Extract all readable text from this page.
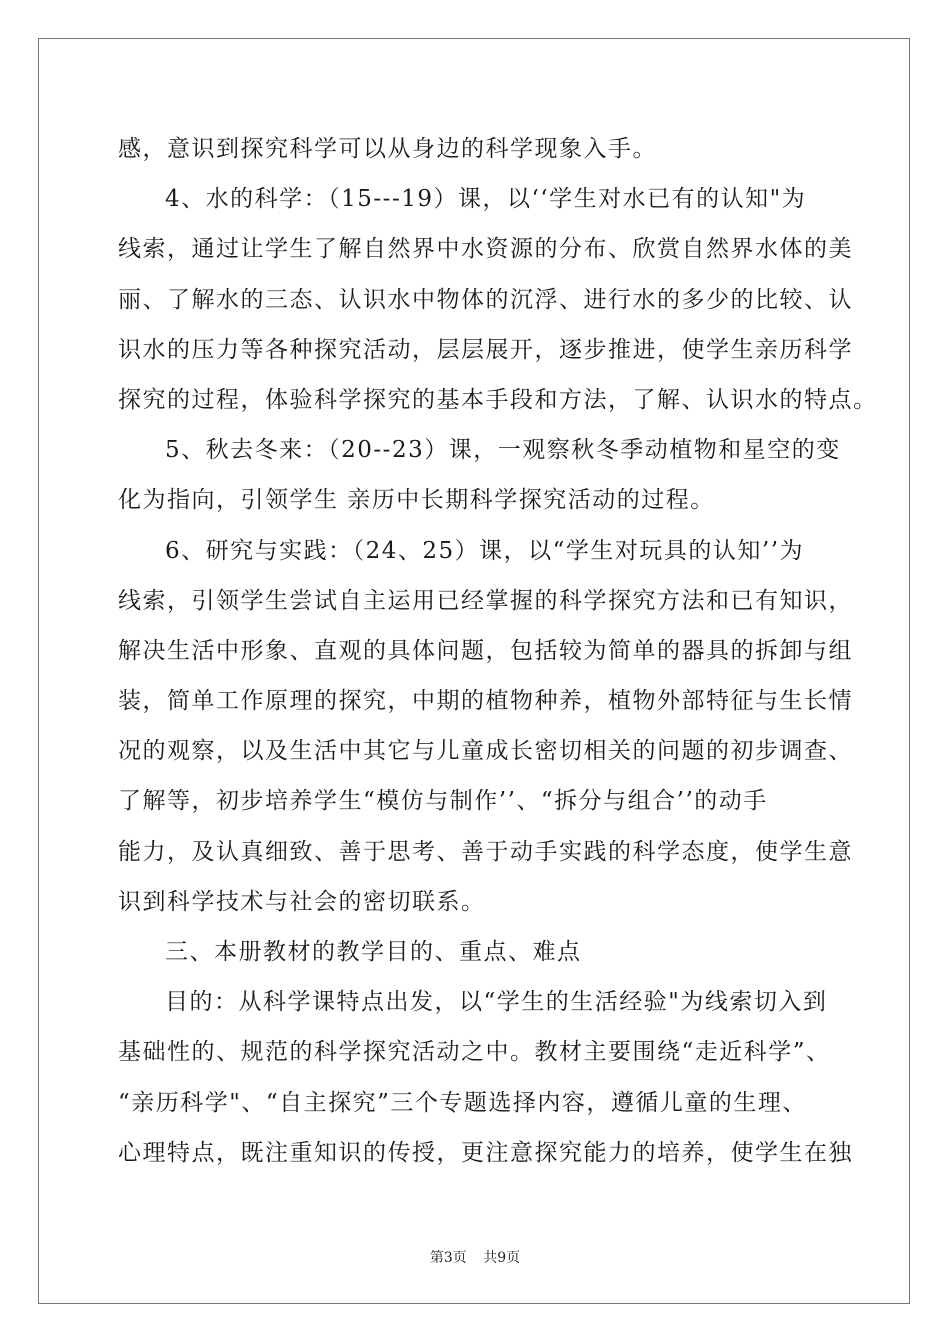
感，意识到探究科学可以从身边的科学现象入手。
4、水的科学：（15---19）课，以‘‘学生对水已有的认知"为
线索，通过让学生了解自然界中水资源的分布、欣赏自然界水体的美
丽、了解水的三态、认识水中物体的沉浮、进行水的多少的比较、认
识水的压力等各种探究活动，层层展开，逐步推进，使学生亲历科学
探究的过程，体验科学探究的基本手段和方法，了解、认识水的特点。
5、秋去冬来：（20--23）课，一观察秋冬季动植物和星空的变
化为指向，引领学生 亲历中长期科学探究活动的过程。
6、研究与实践：（24、25）课，以“学生对玩具的认知’’为
线索，引领学生尝试自主运用已经掌握的科学探究方法和已有知识，
解决生活中形象、直观的具体问题，包括较为简单的器具的拆卸与组
装，简单工作原理的探究，中期的植物种养，植物外部特征与生长情
况的观察，以及生活中其它与儿童成长密切相关的问题的初步调查、
了解等，初步培养学生“模仿与制作’’、“拆分与组合’’的动手
能力，及认真细致、善于思考、善于动手实践的科学态度，使学生意
识到科学技术与社会的密切联系。
三、本册教材的教学目的、重点、难点
目的：从科学课特点出发，以“学生的生活经验"为线索切入到
基础性的、规范的科学探究活动之中。教材主要围绕“走近科学”、
“亲历科学"、“自主探究”三个专题选择内容，遵循儿童的生理、
心理特点，既注重知识的传授，更注意探究能力的培养，使学生在独
第3页 共9页
